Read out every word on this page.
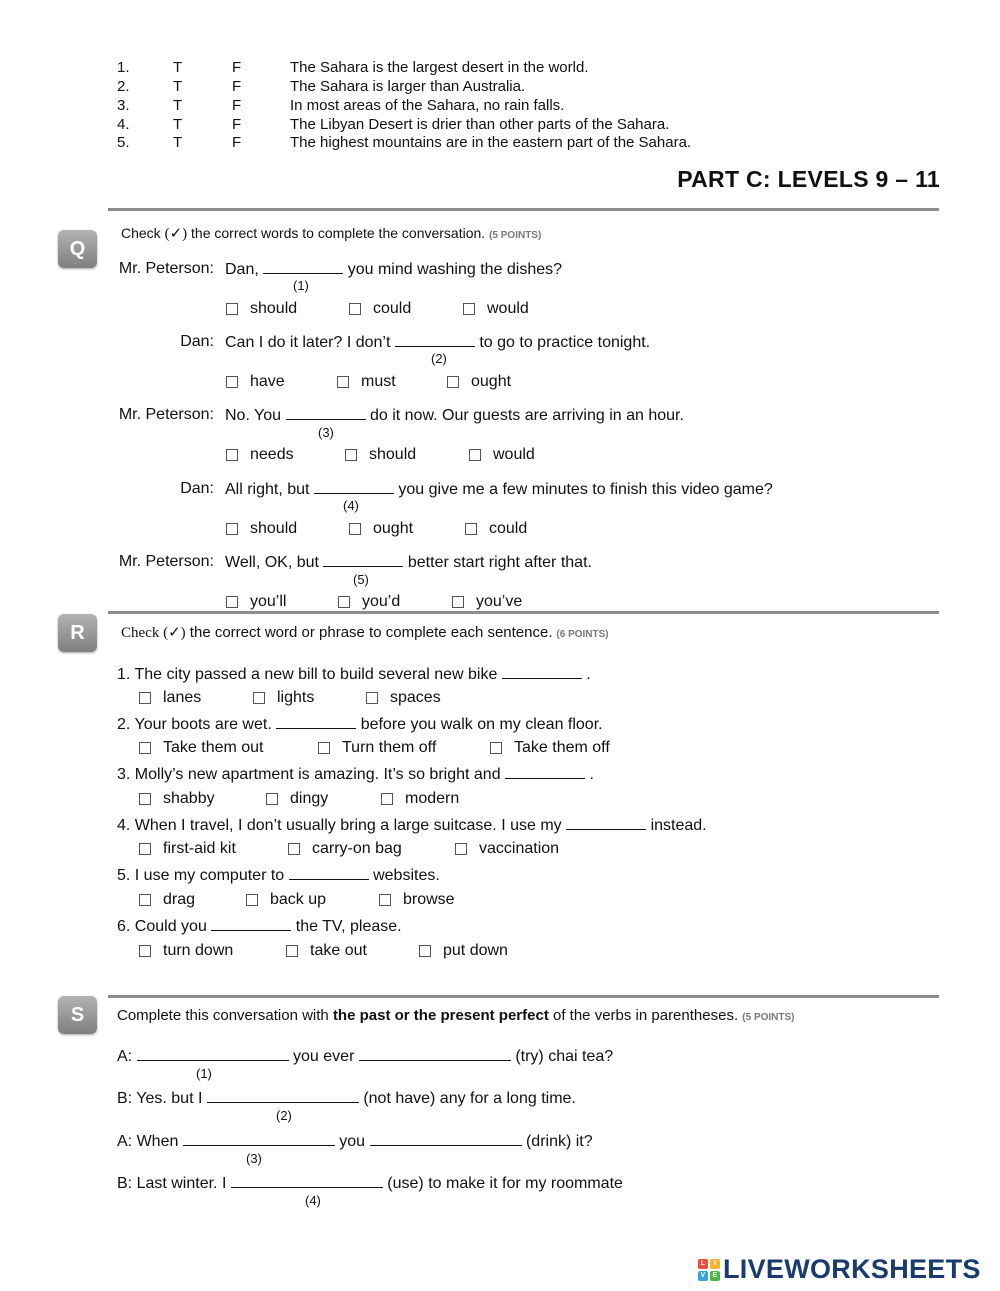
1.	T	F	The Sahara is the largest desert in the world.
2.	T	F	The Sahara is larger than Australia.
3.	T	F	In most areas of the Sahara, no rain falls.
4.	T	F	The Libyan Desert is drier than other parts of the Sahara.
5.	T	F	The highest mountains are in the eastern part of the Sahara.
PART C: LEVELS 9 – 11
Q
Check (✓) the correct words to complete the conversation. (5 POINTS)
Mr. Peterson: Dan,	you mind washing the dishes?
(1)
should	could	would
Dan: Can I do it later? I don’t	to go to practice tonight.
(2)
have	must	ought
Mr. Peterson: No. You	do it now. Our guests are arriving in an hour.
(3)
needs	should	would
Dan: All right, but	you give me a few minutes to finish this video game?
(4)
should	ought	could
Mr. Peterson: Well, OK, but	better start right after that.
(5)
you’ll	you’d	you’ve
R	Check (✓) the correct word or phrase to complete each sentence. (6 POINTS)
1. The city passed a new bill to build several new bike	.
lanes	lights	spaces
2. Your boots are wet.	before you walk on my clean floor.
Take them out	Turn them off	Take them off
3. Molly’s new apartment is amazing. It’s so bright and	.
shabby	dingy	modern
4. When I travel, I don’t usually bring a large suitcase. I use my	instead.
first-aid kit	carry-on bag	vaccination
5. I use my computer to	websites.
drag	back up	browse
6. Could you	the TV, please.
turn down	take out	put down
S	Complete this conversation with the past or the present perfect of the verbs in parentheses. (5 POINTS)
A:	you ever	(try) chai tea?
(1)
B: Yes. but I	(not have) any for a long time.
(2)
A: When	you	(drink) it?
(3)
B: Last winter. I	(use) to make it for my roommate
(4)
L	I
V	E LIVEWORKSHEETS
